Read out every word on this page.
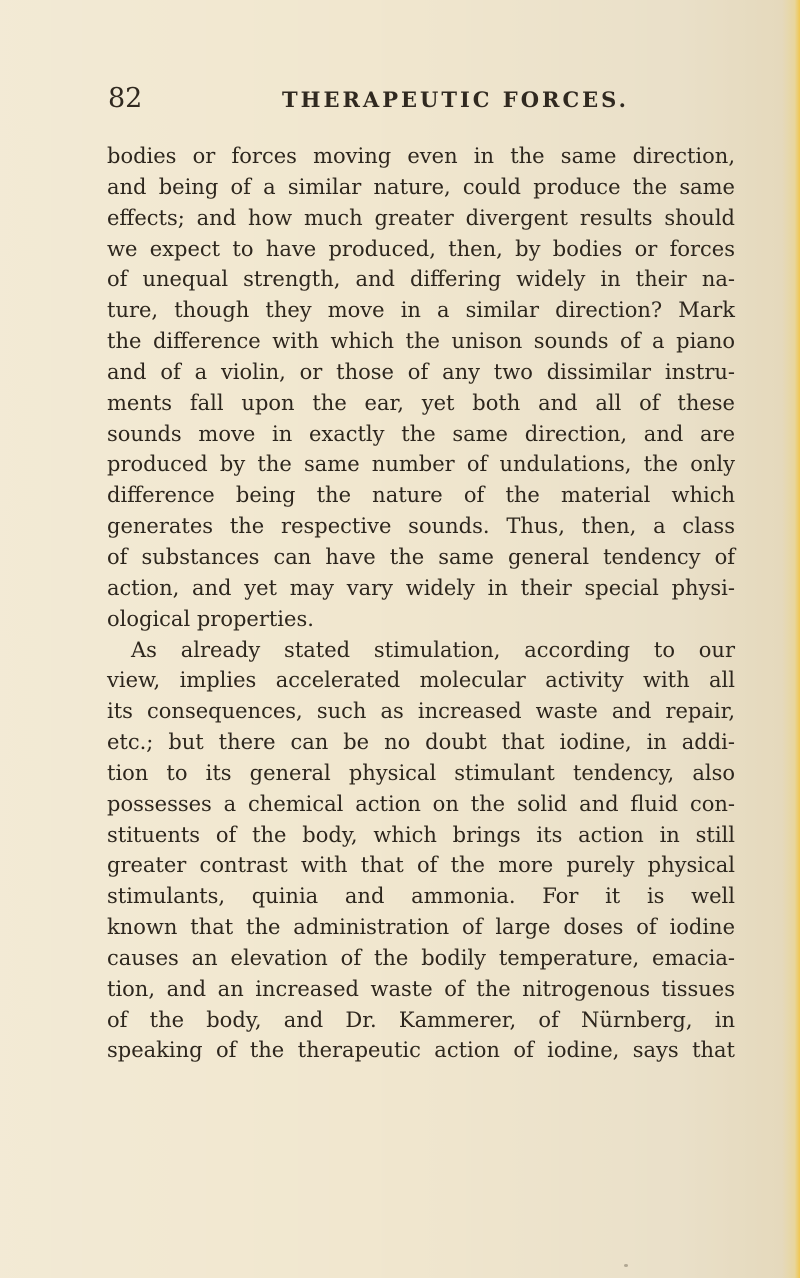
82	THERAPEUTIC FORCES.
bodies or forces moving even in the same direction,
and being of a similar nature, could produce the same
effects; and how much greater divergent results should
we expect to have produced, then, by bodies or forces
of unequal strength, and differing widely in their na-
ture, though they move in a similar direction? Mark
the difference with which the unison sounds of a piano
and of a violin, or those of any two dissimilar instru-
ments fall upon the ear, yet both and all of these
sounds move in exactly the same direction, and are
produced by the same number of undulations, the only
difference being the nature of the material which
generates the respective sounds. Thus, then, a class
of substances can have the same general tendency of
action, and yet may vary widely in their special physi-
ological properties.
As already stated stimulation, according to our
view, implies accelerated molecular activity with all
its consequences, such as increased waste and repair,
etc.; but there can be no doubt that iodine, in addi-
tion to its general physical stimulant tendency, also
possesses a chemical action on the solid and fluid con-
stituents of the body, which brings its action in still
greater contrast with that of the more purely physical
stimulants, quinia and ammonia. For it is well
known that the administration of large doses of iodine
causes an elevation of the bodily temperature, emacia-
tion, and an increased waste of the nitrogenous tissues
of the body, and Dr. Kammerer, of Nürnberg, in
speaking of the therapeutic action of iodine, says that
